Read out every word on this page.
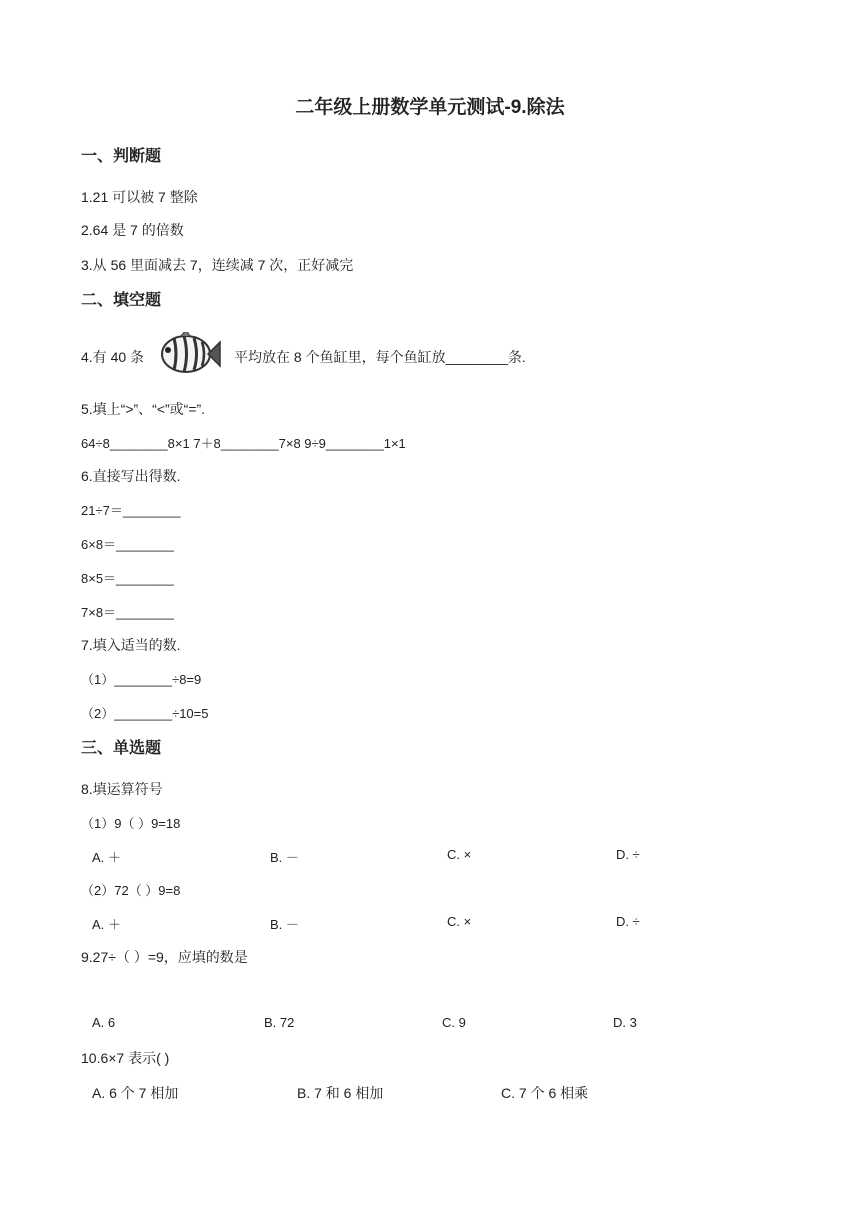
二年级上册数学单元测试-9.除法
一、判断题
1.21 可以被 7 整除
2.64 是 7 的倍数
3.从 56 里面减去 7，连续减 7 次，正好减完
二、填空题
4.有 40 条	平均放在 8 个鱼缸里，每个鱼缸放________条.
5.填上“>”、“<”或“=”.
64÷8________8×1 7＋8________7×8 9÷9________1×1
6.直接写出得数.
21÷7＝________
6×8＝________
8×5＝________
7×8＝________
7.填入适当的数.
（1）________÷8=9
（2）________÷10=5
三、单选题
8.填运算符号
（1）9（ ）9=18
A. ＋	B. －	C. ×	D. ÷
（2）72（ ）9=8
A. ＋	B. －	C. ×	D. ÷
9.27÷（ ）=9，应填的数是
A. 6	B. 72	C. 9	D. 3
10.6×7 表示( )
A. 6 个 7 相加	B. 7 和 6 相加	C. 7 个 6 相乘
